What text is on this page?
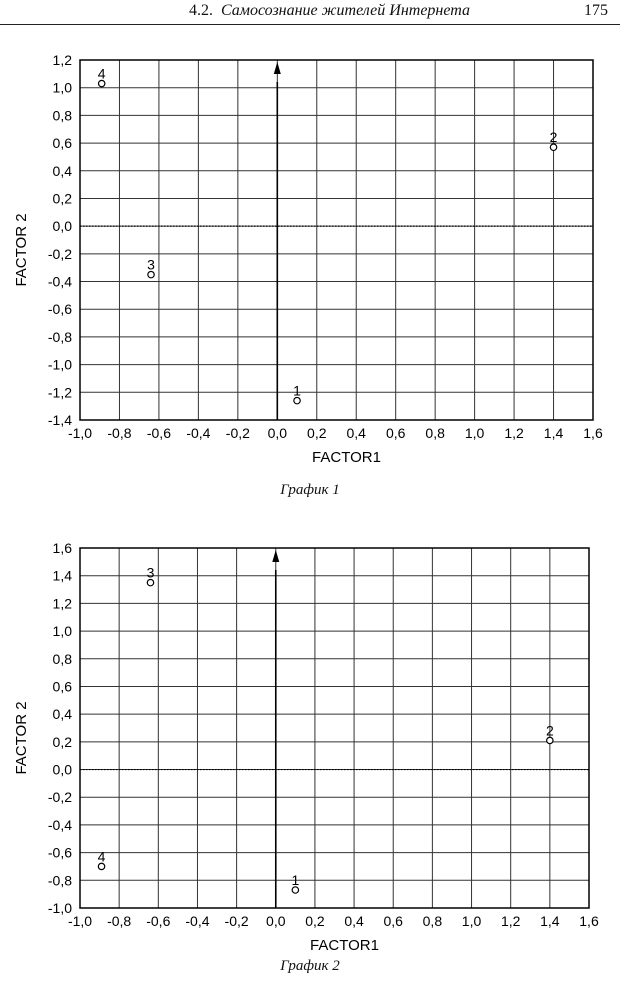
4.2. Самосознание жителей Интернета	175
-1,0 -0,8 -0,6 -0,4 -0,2 0,0 0,2 0,4 0,6 0,8 1,0 1,2 1,4 1,6
-1,4
-1,2
-1,0
-0,8
-0,6
-0,4
-0,2
0,0
0,2
0,4
0,6
0,8
1,0
1,2
FACTOR1
FACTOR 2
1
2
3
4
График 1
-1,0 -0,8 -0,6 -0,4 -0,2 0,0 0,2 0,4 0,6 0,8 1,0 1,2 1,4 1,6
-1,0
-0,8
-0,6
-0,4
-0,2
0,0
0,2
0,4
0,6
0,8
1,0
1,2
1,4
1,6
FACTOR1
FACTOR 2
1
2
3
4
График 2
